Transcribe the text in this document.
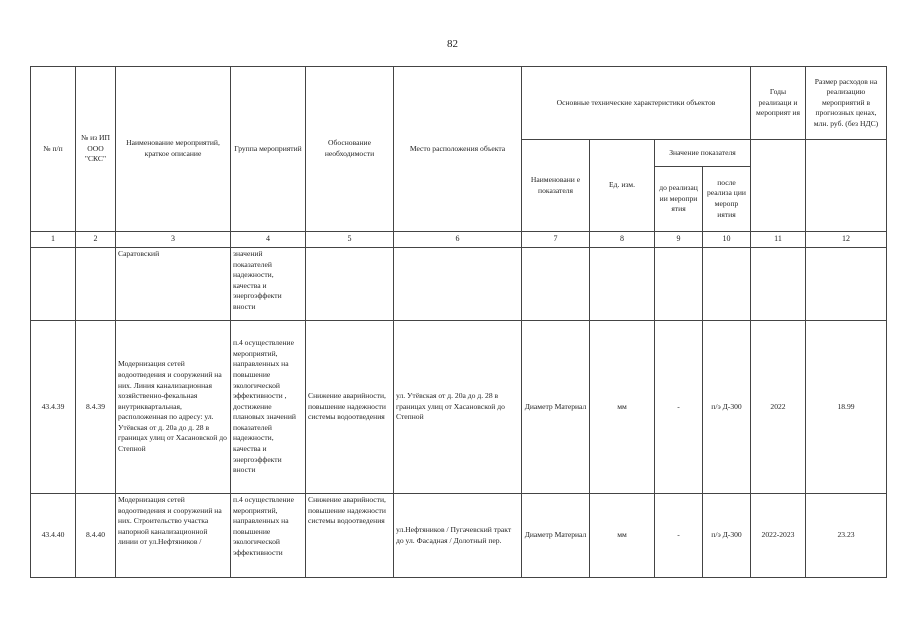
82
№ п/п	№ из ИП ООО "СКС"	Наименование мероприятий, краткое описание	Группа мероприятий	Обоснование необходимости	Место расположения объекта	Основные технические характеристики объектов				Годы реализаци и мероприят ия	Размер расходов на реализацию мероприятий в прогнозных ценах, млн. руб. (без НДС)
						Наименовани е показателя	Ед. изм.	Значение показателя			
								до реализац ии меропри ятия	после реализа ции меропр иятия		
1	2	3	4	5	6	7	8	9	10	11	12
		Саратовский	значений показателей надежности, качества и энергоэффекти вности								
43.4.39	8.4.39	Модернизация сетей водоотведения и сооружений на них. Линия канализационная хозяйственно-фекальная внутриквартальная, расположенная по адресу: ул. Утёвская от д. 20а до д. 28 в границах улиц от Хасановской до Степной	п.4 осуществление мероприятий, направленных на повышение экологической эффективности , достижение плановых значений показателей надежности, качества и энергоэффекти вности	Снижение аварийности, повышение надежности системы водоотведения	ул. Утёвская от д. 20а до д. 28 в границах улиц от Хасановской до Степной	Диаметр Материал	мм	-	п/э Д-300	2022	18.99
43.4.40	8.4.40	Модернизация сетей водоотведения и сооружений на них. Строительство участка напорной канализационной линии от ул.Нефтяников /	п.4 осуществление мероприятий, направленных на повышение экологической эффективности	Снижение аварийности, повышение надежности системы водоотведения	ул.Нефтяников / Пугачевский тракт до ул. Фасадная / Долотный пер.	Диаметр Материал	мм	-	п/э Д-300	2022-2023	23.23
